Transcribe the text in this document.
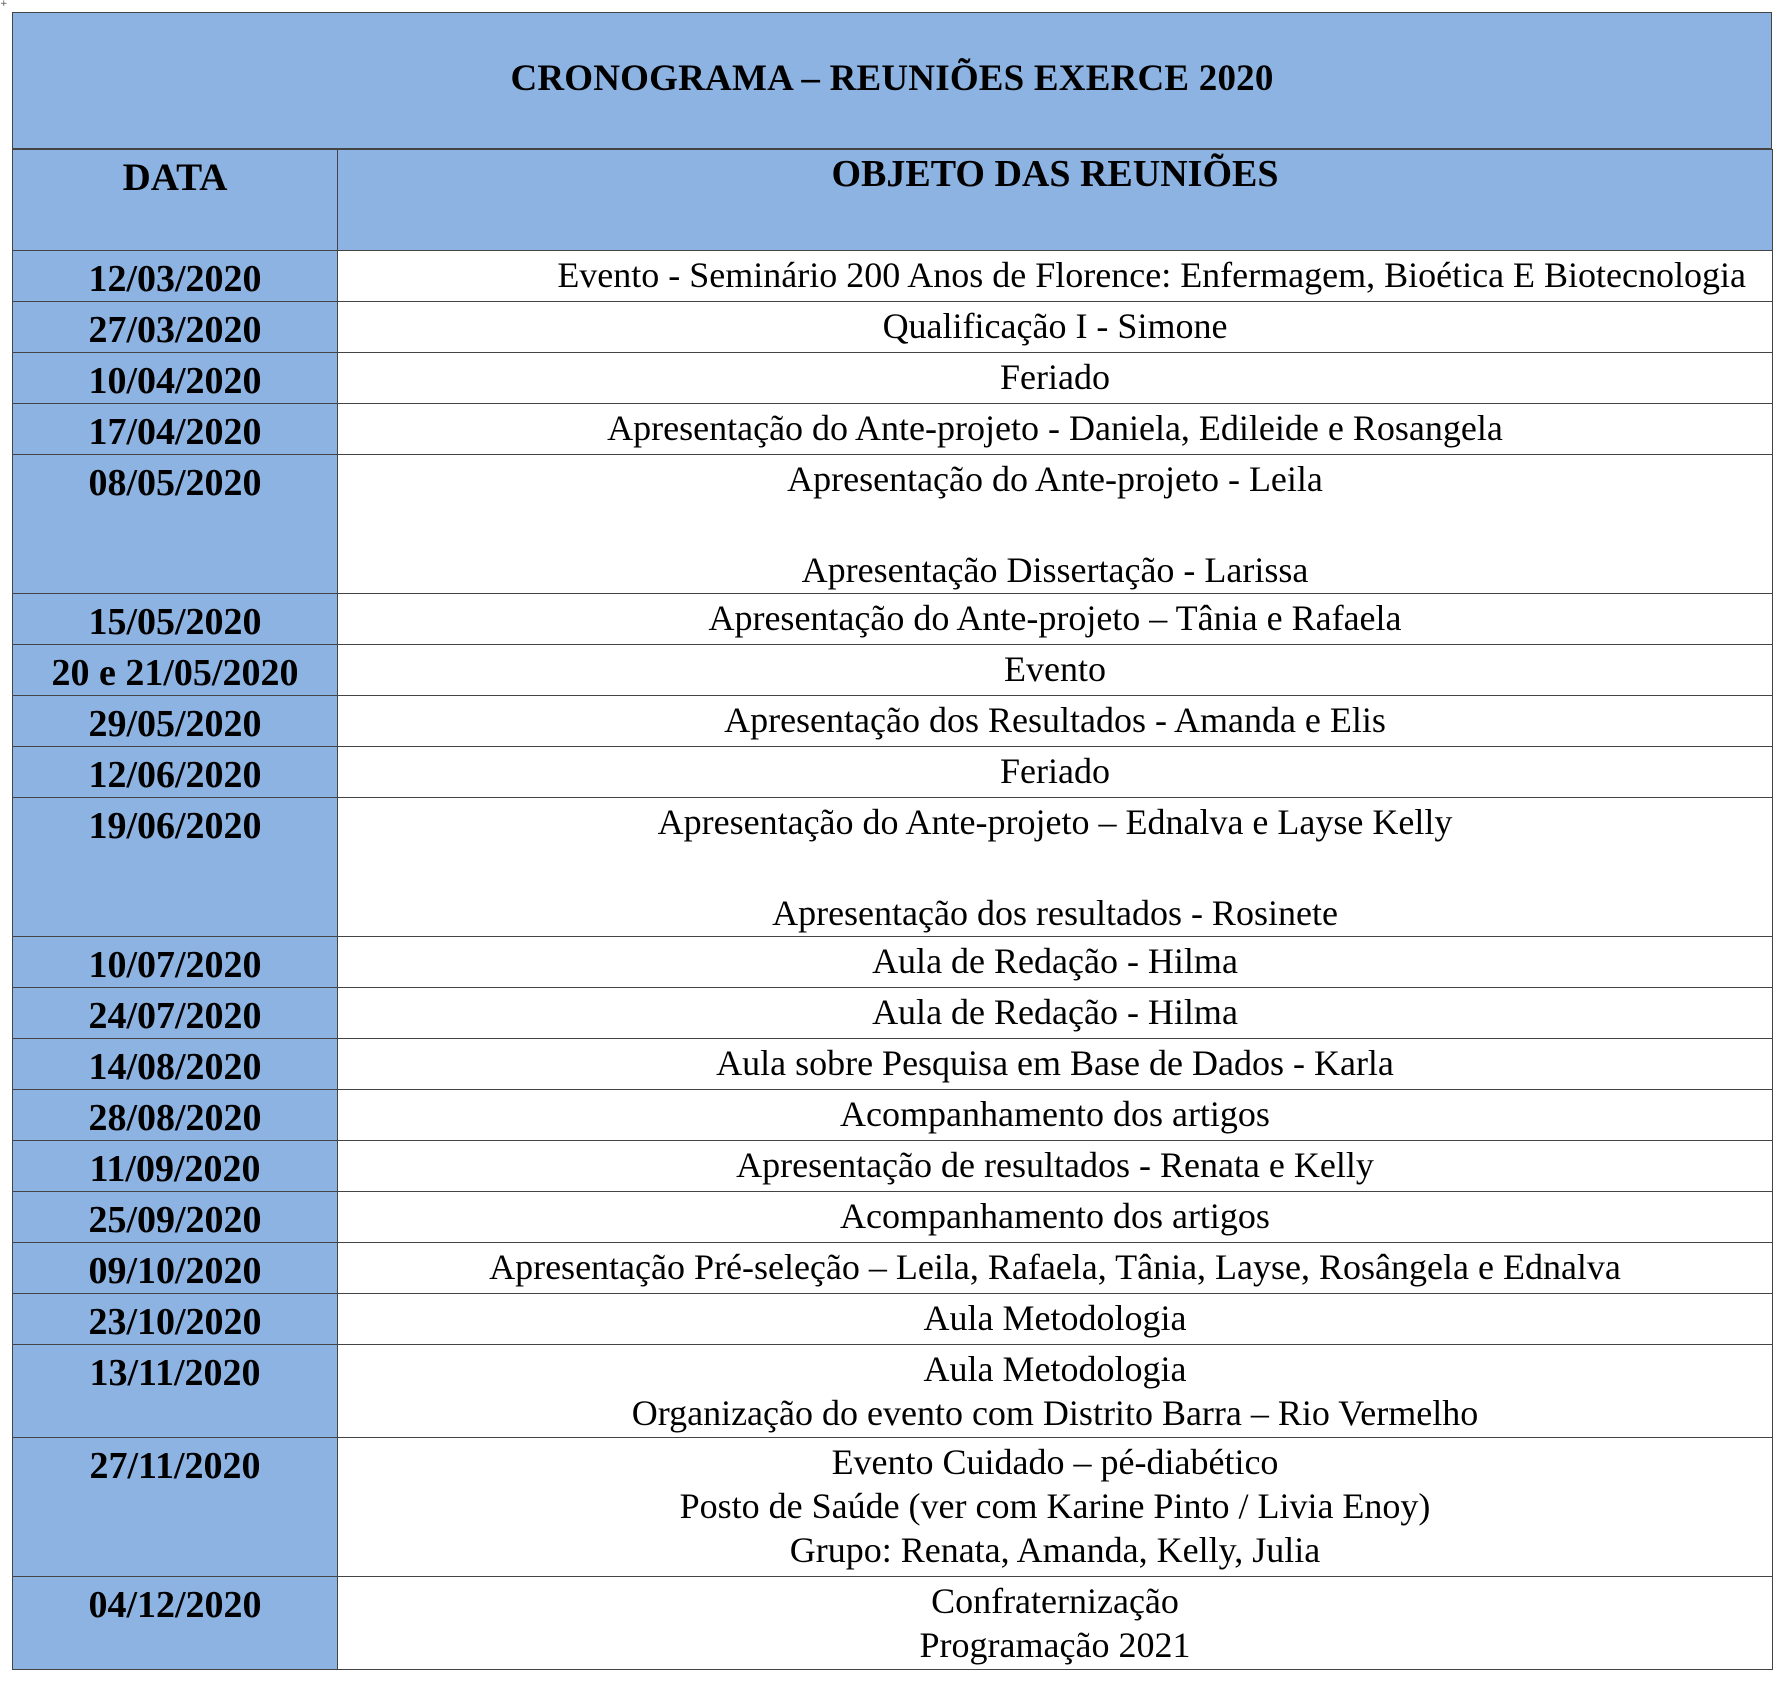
+
CRONOGRAMA – REUNIÕES EXERCE 2020
DATA	OBJETO DAS REUNIÕES

12/03/2020	Evento - Seminário 200 Anos de Florence: Enfermagem, Bioética E Biotecnologia

27/03/2020	Qualificação I - Simone

10/04/2020	Feriado

17/04/2020	Apresentação do Ante-projeto - Daniela, Edileide e Rosangela

08/05/2020	Apresentação do Ante-projeto - Leila
Apresentação Dissertação - Larissa

15/05/2020	Apresentação do Ante-projeto – Tânia e Rafaela

20 e 21/05/2020	Evento

29/05/2020	Apresentação dos Resultados - Amanda e Elis

12/06/2020	Feriado

19/06/2020	Apresentação do Ante-projeto – Ednalva e Layse Kelly
Apresentação dos resultados - Rosinete

10/07/2020	Aula de Redação - Hilma

24/07/2020	Aula de Redação - Hilma

14/08/2020	Aula sobre Pesquisa em Base de Dados - Karla

28/08/2020	Acompanhamento dos artigos

11/09/2020	Apresentação de resultados - Renata e Kelly

25/09/2020	Acompanhamento dos artigos

09/10/2020	Apresentação Pré-seleção – Leila, Rafaela, Tânia, Layse, Rosângela e Ednalva

23/10/2020	Aula Metodologia

13/11/2020	Aula Metodologia
Organização do evento com Distrito Barra – Rio Vermelho

27/11/2020	Evento Cuidado – pé-diabético
Posto de Saúde (ver com Karine Pinto / Livia Enoy)
Grupo: Renata, Amanda, Kelly, Julia

04/12/2020	Confraternização
Programação 2021
